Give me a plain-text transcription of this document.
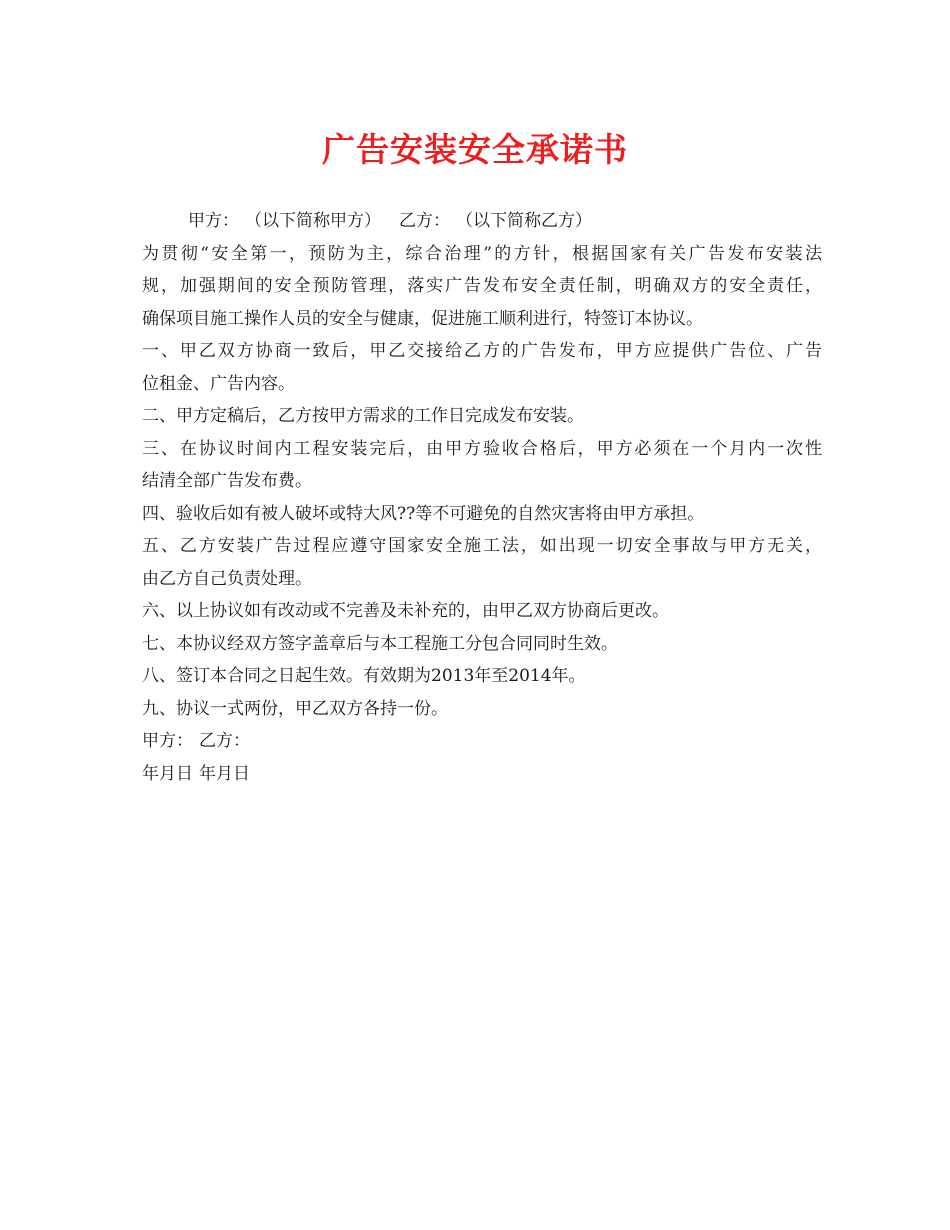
广告安装安全承诺书
甲方： （以下简称甲方） 乙方： （以下简称乙方）
为贯彻“安全第一，预防为主，综合治理”的方针，根据国家有关广告发布安装法
规，加强期间的安全预防管理，落实广告发布安全责任制，明确双方的安全责任，
确保项目施工操作人员的安全与健康，促进施工顺利进行，特签订本协议。
一、甲乙双方协商一致后，甲乙交接给乙方的广告发布，甲方应提供广告位、广告
位租金、广告内容。
二、甲方定稿后，乙方按甲方需求的工作日完成发布安装。
三、在协议时间内工程安装完后，由甲方验收合格后，甲方必须在一个月内一次性
结清全部广告发布费。
四、验收后如有被人破坏或特大风??等不可避免的自然灾害将由甲方承担。
五、乙方安装广告过程应遵守国家安全施工法，如出现一切安全事故与甲方无关，
由乙方自己负责处理。
六、以上协议如有改动或不完善及未补充的，由甲乙双方协商后更改。
七、本协议经双方签字盖章后与本工程施工分包合同同时生效。
八、签订本合同之日起生效。有效期为2013年至2014年。
九、协议一式两份，甲乙双方各持一份。
甲方： 乙方：
年月日 年月日
